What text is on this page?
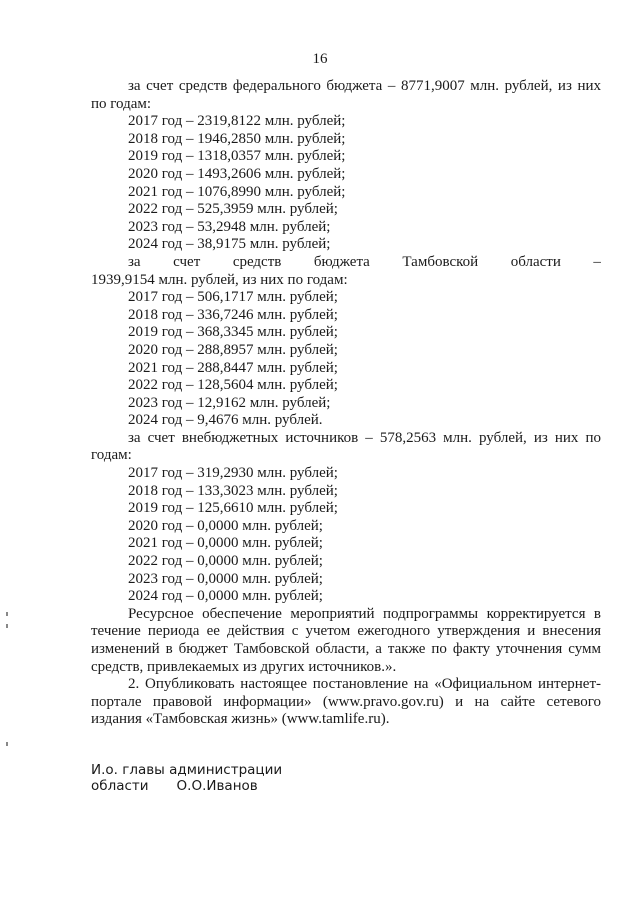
16

за счет средств федерального бюджета – 8771,9007 млн. рублей, из них по годам:

2017 год – 2319,8122 млн. рублей;

2018 год – 1946,2850 млн. рублей;

2019 год – 1318,0357 млн. рублей;

2020 год – 1493,2606 млн. рублей;

2021 год – 1076,8990 млн. рублей;

2022 год – 525,3959 млн. рублей;

2023 год – 53,2948 млн. рублей;

2024 год – 38,9175 млн. рублей;

за счет средств бюджета Тамбовской области –

1939,9154 млн. рублей, из них по годам:

2017 год – 506,1717 млн. рублей;

2018 год – 336,7246 млн. рублей;

2019 год – 368,3345 млн. рублей;

2020 год – 288,8957 млн. рублей;

2021 год – 288,8447 млн. рублей;

2022 год – 128,5604 млн. рублей;

2023 год – 12,9162 млн. рублей;

2024 год – 9,4676 млн. рублей.

за счет внебюджетных источников – 578,2563 млн. рублей, из них по годам:

2017 год – 319,2930 млн. рублей;

2018 год – 133,3023 млн. рублей;

2019 год – 125,6610 млн. рублей;

2020 год – 0,0000 млн. рублей;

2021 год – 0,0000 млн. рублей;

2022 год – 0,0000 млн. рублей;

2023 год – 0,0000 млн. рублей;

2024 год – 0,0000 млн. рублей;

Ресурсное обеспечение мероприятий подпрограммы корректируется в течение периода ее действия с учетом ежегодного утверждения и внесения изменений в бюджет Тамбовской области, а также по факту уточнения сумм средств, привлекаемых из других источников.».

2. Опубликовать настоящее постановление на «Официальном интернет-портале правовой информации» (www.pravo.gov.ru) и на сайте сетевого издания «Тамбовская жизнь» (www.tamlife.ru).

И.о. главы администрации
области О.О.Иванов
